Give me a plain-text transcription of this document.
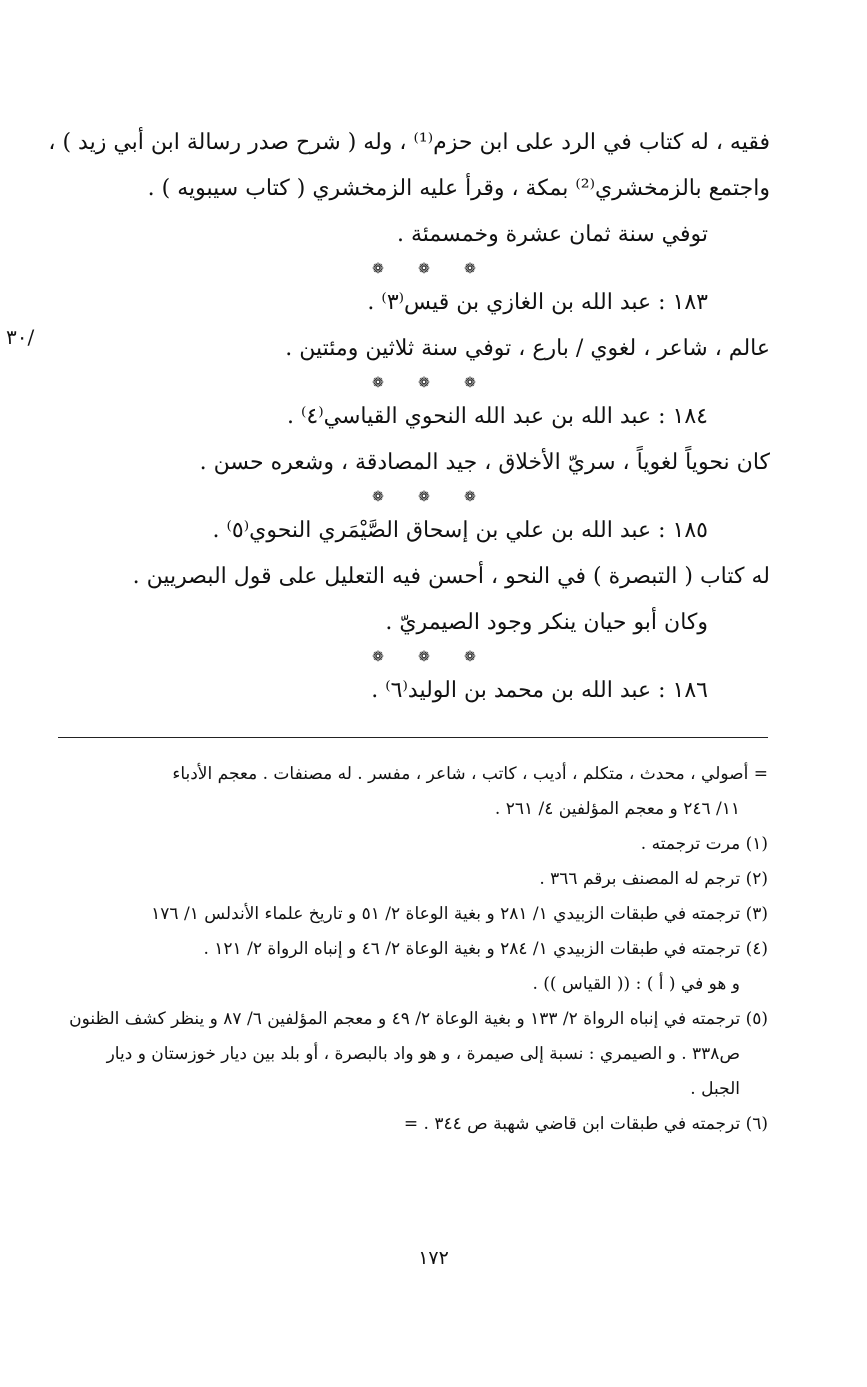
فقيه ، له كتاب في الرد على ابن حزم⁽¹⁾ ، وله ( شرح صدر رسالة ابن أبي زيد ) ،
واجتمع بالزمخشري⁽²⁾ بمكة ، وقرأ عليه الزمخشري ( كتاب سيبويه ) .
توفي سنة ثمان عشرة وخمسمئة .
❁❁❁
١٨٣ : عبد الله بن الغازي بن قيس⁽٣⁾ .
عالم ، شاعر ، لغوي / بارع ، توفي سنة ثلاثين ومئتين .
❁❁❁
١٨٤ : عبد الله بن عبد الله النحوي القياسي⁽٤⁾ .
كان نحوياً لغوياً ، سريّ الأخلاق ، جيد المصادقة ، وشعره حسن .
❁❁❁
١٨٥ : عبد الله بن علي بن إسحاق الصَّيْمَري النحوي⁽٥⁾ .
له كتاب ( التبصرة ) في النحو ، أحسن فيه التعليل على قول البصريين .
وكان أبو حيان ينكر وجود الصيمريّ .
❁❁❁
١٨٦ : عبد الله بن محمد بن الوليد⁽٦⁾ .
/٣٠
= أصولي ، محدث ، متكلم ، أديب ، كاتب ، شاعر ، مفسر . له مصنفات . معجم الأدباء
١١/ ٢٤٦ و معجم المؤلفين ٤/ ٢٦١ .
(١) مرت ترجمته .
(٢) ترجم له المصنف برقم ٣٦٦ .
(٣) ترجمته في طبقات الزبيدي ١/ ٢٨١ و بغية الوعاة ٢/ ٥١ و تاريخ علماء الأندلس ١/ ١٧٦
(٤) ترجمته في طبقات الزبيدي ١/ ٢٨٤ و بغية الوعاة ٢/ ٤٦ و إنباه الرواة ٢/ ١٢١ .
و هو في ( أ ) : (( القياس )) .
(٥) ترجمته في إنباه الرواة ٢/ ١٣٣ و بغية الوعاة ٢/ ٤٩ و معجم المؤلفين ٦/ ٨٧ و ينظر كشف الظنون
ص٣٣٨ . و الصيمري : نسبة إلى صيمرة ، و هو واد بالبصرة ، أو بلد بين ديار خوزستان و ديار
الجبل .
(٦) ترجمته في طبقات ابن قاضي شهبة ص ٣٤٤ . =
١٧٢
